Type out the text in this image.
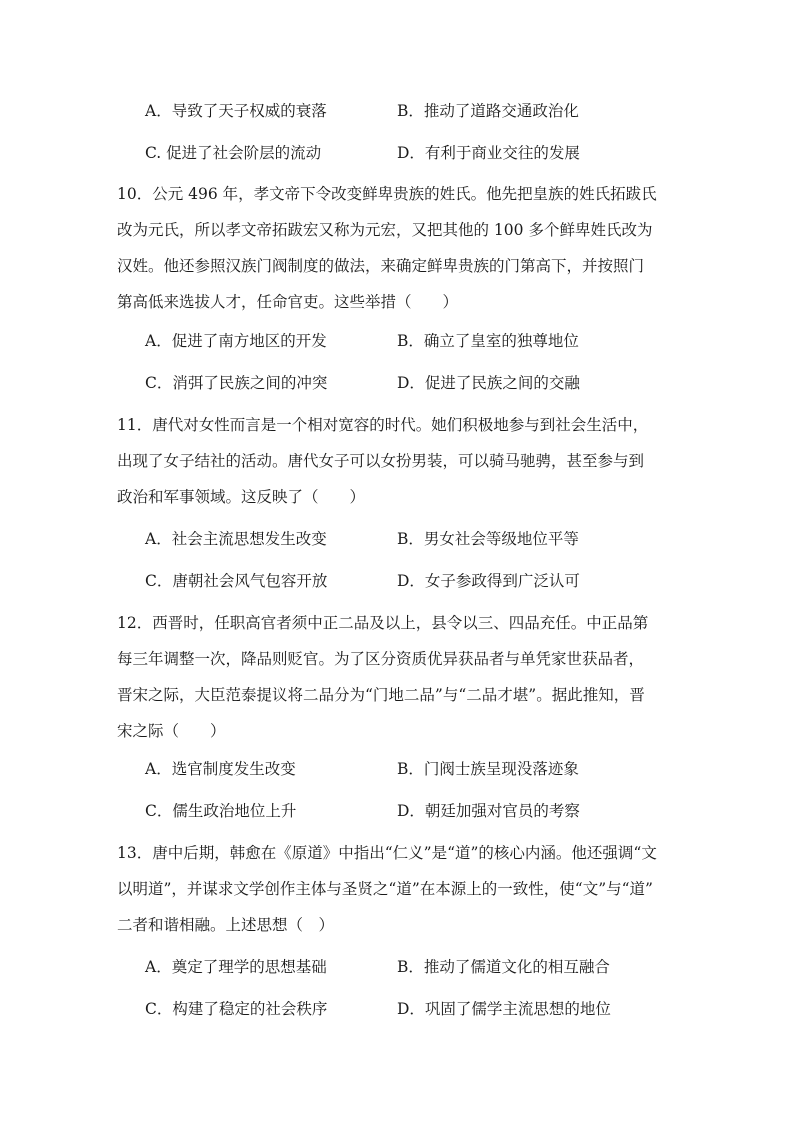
A．导致了天子权威的衰落	B．推动了道路交通政治化
C. 促进了社会阶层的流动	D．有利于商业交往的发展
10．公元 496 年，孝文帝下令改变鲜卑贵族的姓氏。他先把皇族的姓氏拓跋氏
改为元氏，所以孝文帝拓跋宏又称为元宏，又把其他的 100 多个鲜卑姓氏改为
汉姓。他还参照汉族门阀制度的做法，来确定鲜卑贵族的门第高下，并按照门
第高低来选拔人才，任命官吏。这些举措（　　）
A．促进了南方地区的开发	B．确立了皇室的独尊地位
C．消弭了民族之间的冲突	D．促进了民族之间的交融
11．唐代对女性而言是一个相对宽容的时代。她们积极地参与到社会生活中，
出现了女子结社的活动。唐代女子可以女扮男装，可以骑马驰骋，甚至参与到
政治和军事领域。这反映了（　　）
A．社会主流思想发生改变	B．男女社会等级地位平等
C．唐朝社会风气包容开放	D．女子参政得到广泛认可
12．西晋时，任职高官者须中正二品及以上，县令以三、四品充任。中正品第
每三年调整一次，降品则贬官。为了区分资质优异获品者与单凭家世获品者，
晋宋之际，大臣范泰提议将二品分为“门地二品”与“二品才堪”。据此推知，晋
宋之际（　　）
A．选官制度发生改变	B．门阀士族呈现没落迹象
C．儒生政治地位上升	D．朝廷加强对官员的考察
13．唐中后期，韩愈在《原道》中指出“仁义”是“道”的核心内涵。他还强调“文
以明道”，并谋求文学创作主体与圣贤之“道”在本源上的一致性，使“文”与“道”
二者和谐相融。上述思想（　）
A．奠定了理学的思想基础	B．推动了儒道文化的相互融合
C．构建了稳定的社会秩序	D．巩固了儒学主流思想的地位
